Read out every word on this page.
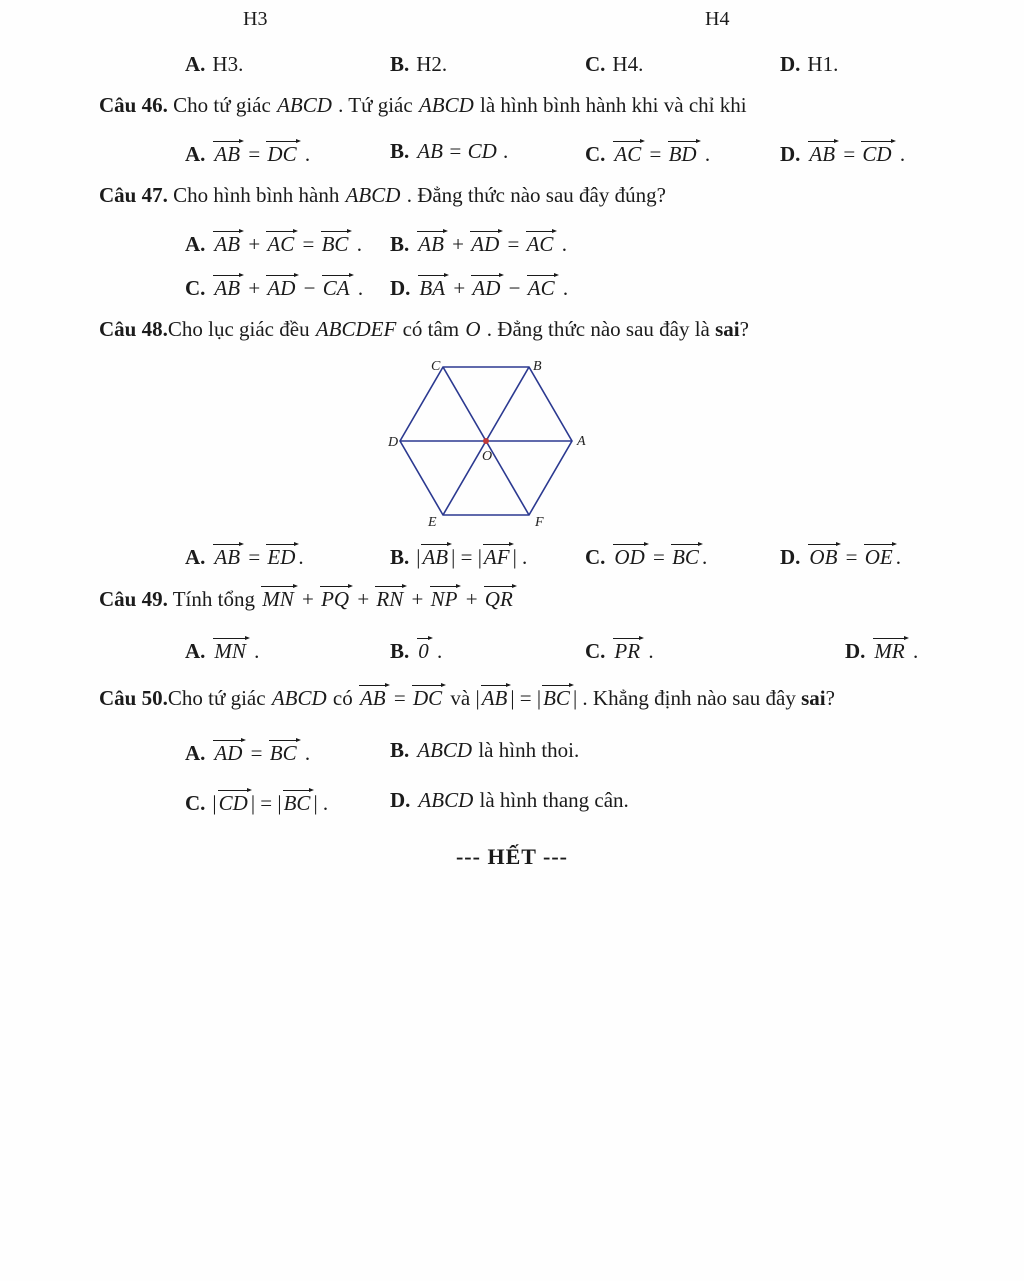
H3	H4
A. H3.	B. H2.	C. H4.	D. H1.
Câu 46. Cho tứ giác ABCD . Tứ giác ABCD là hình bình hành khi và chỉ khi
A. AB = DC .	B. AB = CD .	C. AC = BD .	D. AB = CD .
Câu 47. Cho hình bình hành ABCD . Đẳng thức nào sau đây đúng?
A. AB + AC = BC . B. AB + AD = AC .
C. AB + AD − CA . D. BA + AD − AC .
Câu 48.Cho lục giác đều ABCDEF có tâm O . Đẳng thức nào sau đây là sai?
C	B
D	A
E	F
O
A. AB = ED .	B. |AB | = |AF | .	C. OD = BC .	D. OB = OE .
Câu 49. Tính tổng MN + PQ + RN + NP + QR
A. MN .	B. 0 .	C. PR .	D. MR .
Câu 50.Cho tứ giác ABCD có AB = DC và |AB | = |BC | . Khẳng định nào sau đây sai?
A. AD = BC .	B. ABCD là hình thoi.
C. |CD | = |BC | .	D. ABCD là hình thang cân.
--- HẾT ---
